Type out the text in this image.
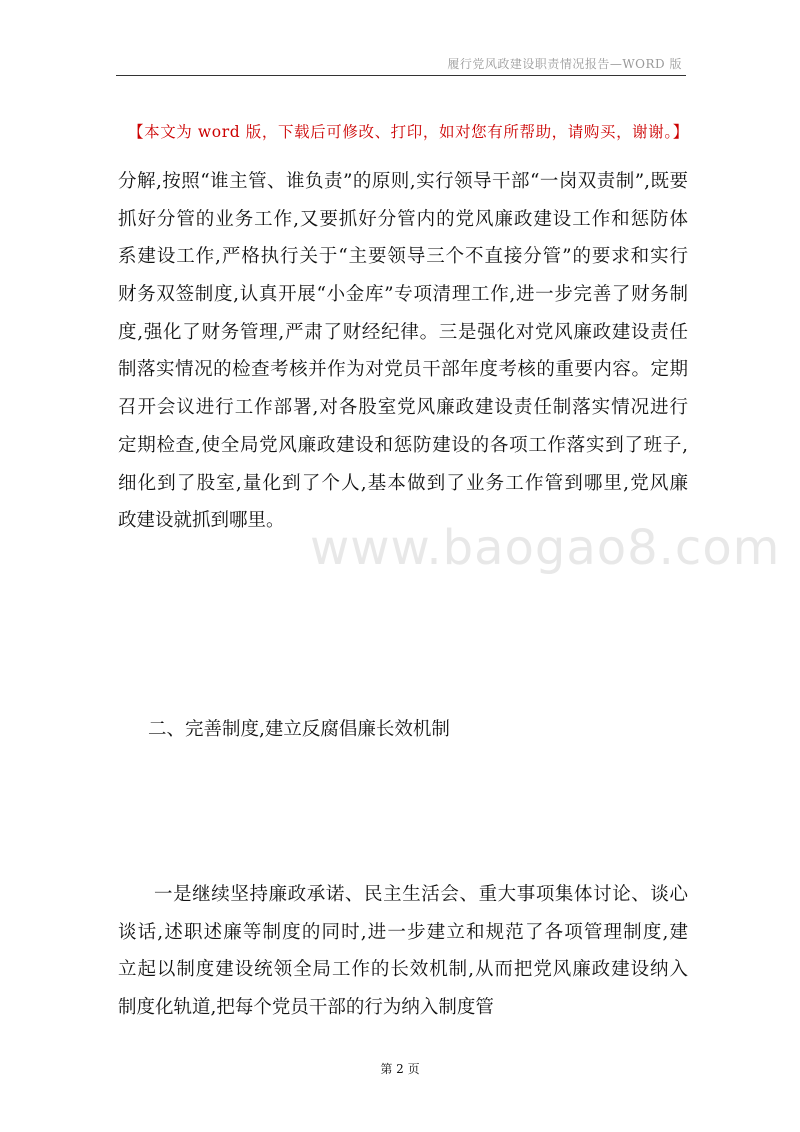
履行党风政建设职责情况报告—WORD 版
【本文为 word 版，下载后可修改、打印，如对您有所帮助，请购买，谢谢。】
www.baogao8.com
分解,按照“谁主管、谁负责”的原则,实行领导干部“一岗双责制”,既要
抓好分管的业务工作,又要抓好分管内的党风廉政建设工作和惩防体
系建设工作,严格执行关于“主要领导三个不直接分管”的要求和实行
财务双签制度,认真开展“小金库”专项清理工作,进一步完善了财务制
度,强化了财务管理,严肃了财经纪律。三是强化对党风廉政建设责任
制落实情况的检查考核并作为对党员干部年度考核的重要内容。定期
召开会议进行工作部署,对各股室党风廉政建设责任制落实情况进行
定期检查,使全局党风廉政建设和惩防建设的各项工作落实到了班子,
细化到了股室,量化到了个人,基本做到了业务工作管到哪里,党风廉
政建设就抓到哪里。
二、完善制度,建立反腐倡廉长效机制
一是继续坚持廉政承诺、民主生活会、重大事项集体讨论、谈心
谈话,述职述廉等制度的同时,进一步建立和规范了各项管理制度,建
立起以制度建设统领全局工作的长效机制,从而把党风廉政建设纳入
制度化轨道,把每个党员干部的行为纳入制度管
第 2 页
